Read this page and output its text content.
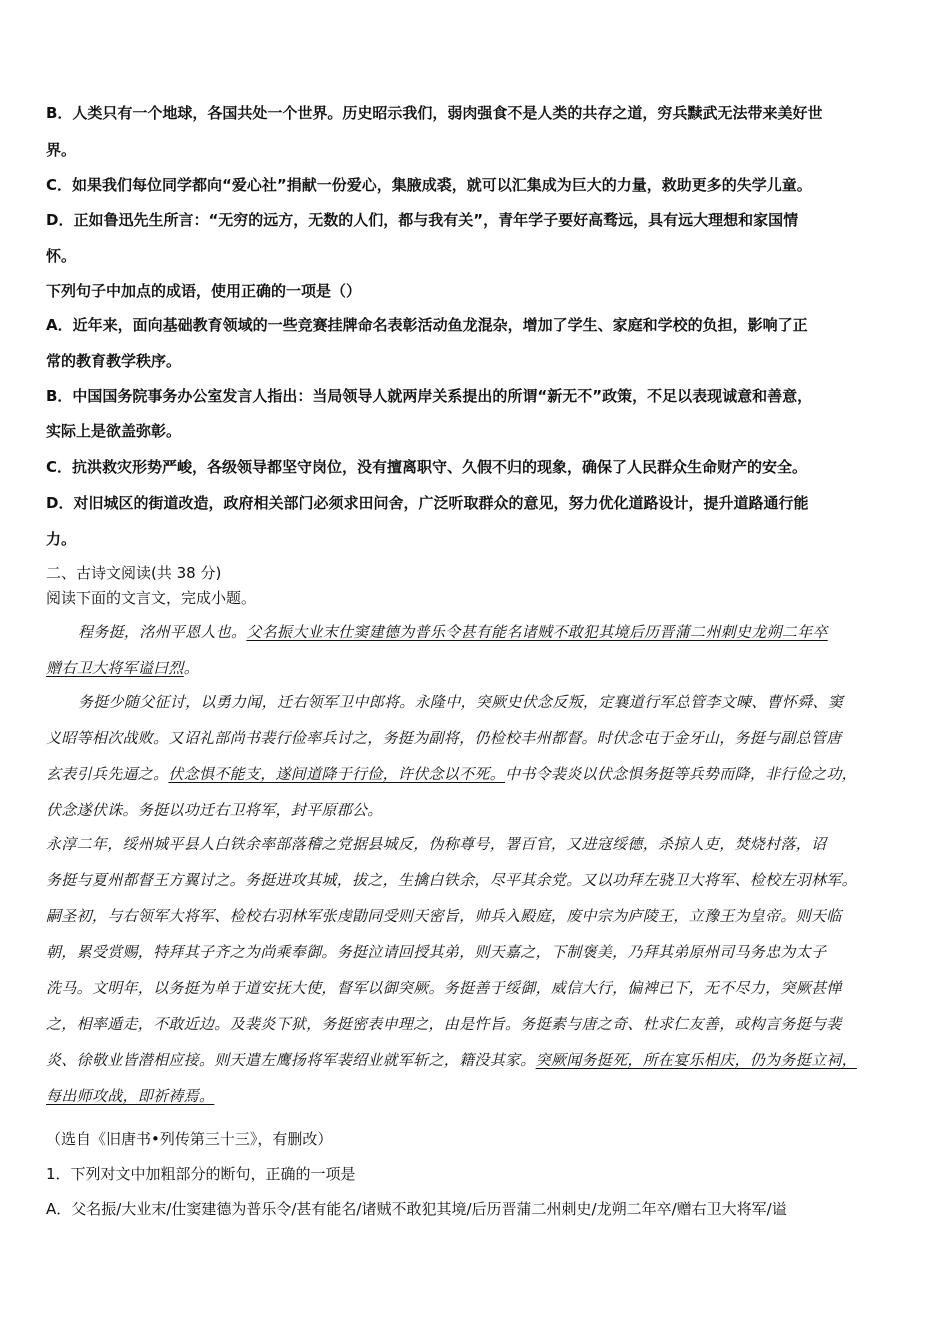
B．人类只有一个地球，各国共处一个世界。历史昭示我们，弱肉强食不是人类的共存之道，穷兵黩武无法带来美好世
界。
C．如果我们每位同学都向“爱心社”捐献一份爱心，集腋成裘，就可以汇集成为巨大的力量，救助更多的失学儿童。
D．正如鲁迅先生所言：“无穷的远方，无数的人们，都与我有关”，青年学子要好高骛远，具有远大理想和家国情
怀。
下列句子中加点的成语，使用正确的一项是（）
A．近年来，面向基础教育领域的一些竞赛挂牌命名表彰活动鱼龙混杂，增加了学生、家庭和学校的负担，影响了正
常的教育教学秩序。
B．中国国务院事务办公室发言人指出：当局领导人就两岸关系提出的所谓“新无不”政策，不足以表现诚意和善意，
实际上是欲盖弥彰。
C．抗洪救灾形势严峻，各级领导都坚守岗位，没有擅离职守、久假不归的现象，确保了人民群众生命财产的安全。
D．对旧城区的街道改造，政府相关部门必须求田问舍，广泛听取群众的意见，努力优化道路设计，提升道路通行能
力。
二、古诗文阅读(共 38 分)
阅读下面的文言文，完成小题。
程务挺，洺州平恩人也。父名振大业末仕窦建德为普乐令甚有能名诸贼不敢犯其境后历晋蒲二州刺史龙朔二年卒
赠右卫大将军谥曰烈。
务挺少随父征讨，以勇力闻，迁右领军卫中郎将。永隆中，突厥史伏念反叛，定襄道行军总管李文暕、曹怀舜、窦
义昭等相次战败。又诏礼部尚书裴行俭率兵讨之，务挺为副将，仍检校丰州都督。时伏念屯于金牙山，务挺与副总管唐
玄表引兵先逼之。伏念惧不能支，遂间道降于行俭，许伏念以不死。中书令裴炎以伏念惧务挺等兵势而降，非行俭之功，
伏念遂伏诛。务挺以功迁右卫将军，封平原郡公。
永淳二年，绥州城平县人白铁余率部落稽之党据县城反，伪称尊号，署百官，又进寇绥德，杀掠人吏，焚烧村落，诏
务挺与夏州都督王方翼讨之。务挺进攻其城，拔之，生擒白铁余，尽平其余党。又以功拜左骁卫大将军、检校左羽林军。
嗣圣初，与右领军大将军、检校右羽林军张虔勖同受则天密旨，帅兵入殿庭，废中宗为庐陵王，立豫王为皇帝。则天临
朝，累受赏赐，特拜其子齐之为尚乘奉御。务挺泣请回授其弟，则天嘉之，下制褒美，乃拜其弟原州司马务忠为太子
洗马。文明年，以务挺为单于道安抚大使，督军以御突厥。务挺善于绥御，威信大行，偏裨已下，无不尽力，突厥甚惮
之，相率遁走，不敢近边。及裴炎下狱，务挺密表申理之，由是忤旨。务挺素与唐之奇、杜求仁友善，或构言务挺与裴
炎、徐敬业皆潜相应接。则天遣左鹰扬将军裴绍业就军斩之，籍没其家。突厥闻务挺死，所在宴乐相庆，仍为务挺立祠，
每出师攻战，即祈祷焉。
（选自《旧唐书•列传第三十三》，有删改）
1．下列对文中加粗部分的断句，正确的一项是
A．父名振/大业末/仕窦建德为普乐令/甚有能名/诸贼不敢犯其境/后历晋蒲二州刺史/龙朔二年卒/赠右卫大将军/谥
